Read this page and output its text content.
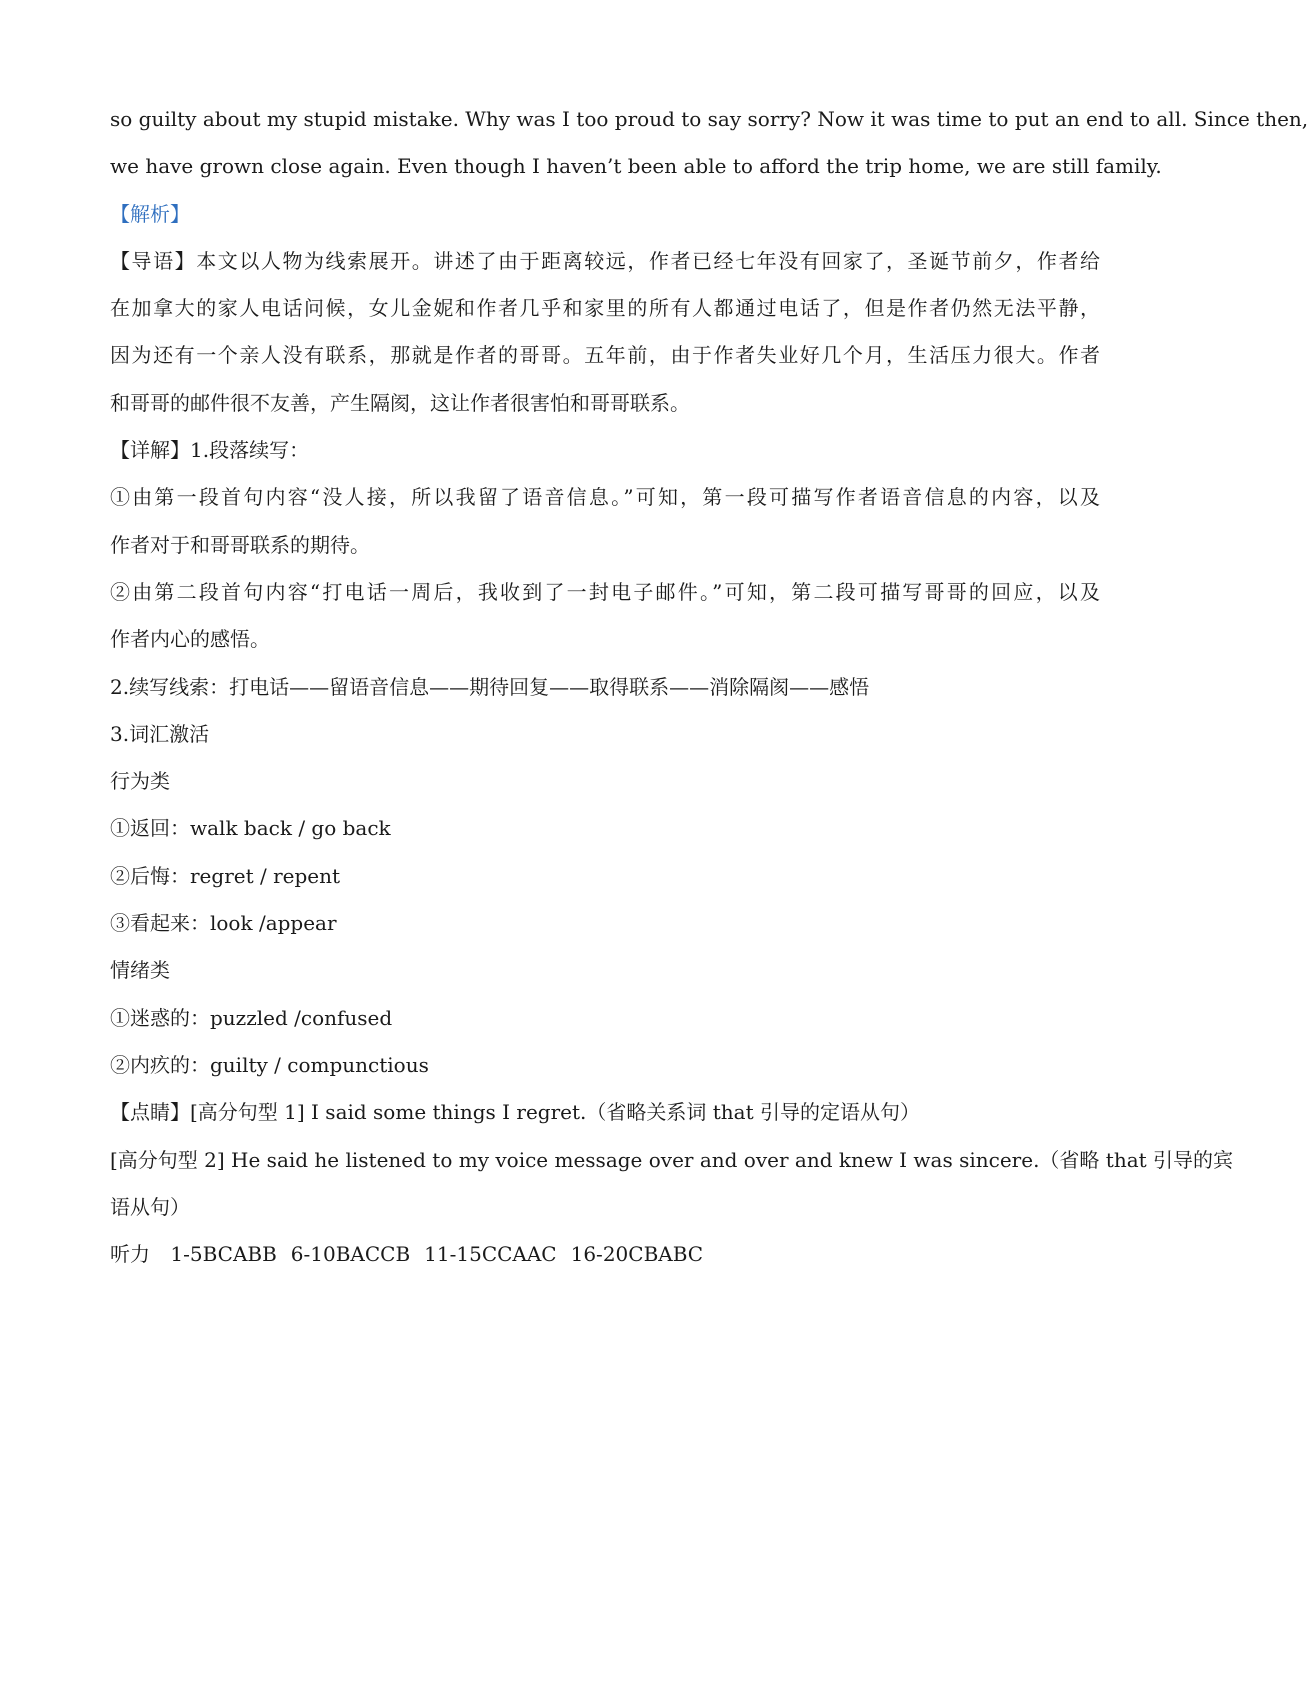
so guilty about my stupid mistake. Why was I too proud to say sorry? Now it was time to put an end to all. Since then,
we have grown close again. Even though I haven’t been able to afford the trip home, we are still family.
【解析】
【导语】本文以人物为线索展开。讲述了由于距离较远，作者已经七年没有回家了，圣诞节前夕，作者给
在加拿大的家人电话问候，女儿金妮和作者几乎和家里的所有人都通过电话了，但是作者仍然无法平静，
因为还有一个亲人没有联系，那就是作者的哥哥。五年前，由于作者失业好几个月，生活压力很大。作者
和哥哥的邮件很不友善，产生隔阂，这让作者很害怕和哥哥联系。
【详解】1.段落续写：
①由第一段首句内容“没人接，所以我留了语音信息。”可知，第一段可描写作者语音信息的内容，以及
作者对于和哥哥联系的期待。
②由第二段首句内容“打电话一周后，我收到了一封电子邮件。”可知，第二段可描写哥哥的回应，以及
作者内心的感悟。
2.续写线索：打电话——留语音信息——期待回复——取得联系——消除隔阂——感悟
3.词汇激活
行为类
①返回：walk back / go back
②后悔：regret / repent
③看起来：look /appear
情绪类
①迷惑的：puzzled /confused
②内疚的：guilty / compunctious
【点睛】[高分句型 1] I said some things I regret.（省略关系词 that 引导的定语从句）
[高分句型 2] He said he listened to my voice message over and over and knew I was sincere.（省略 that 引导的宾
语从句）
听力 1-5BCABB 6-10BACCB 11-15CCAAC 16-20CBABC
